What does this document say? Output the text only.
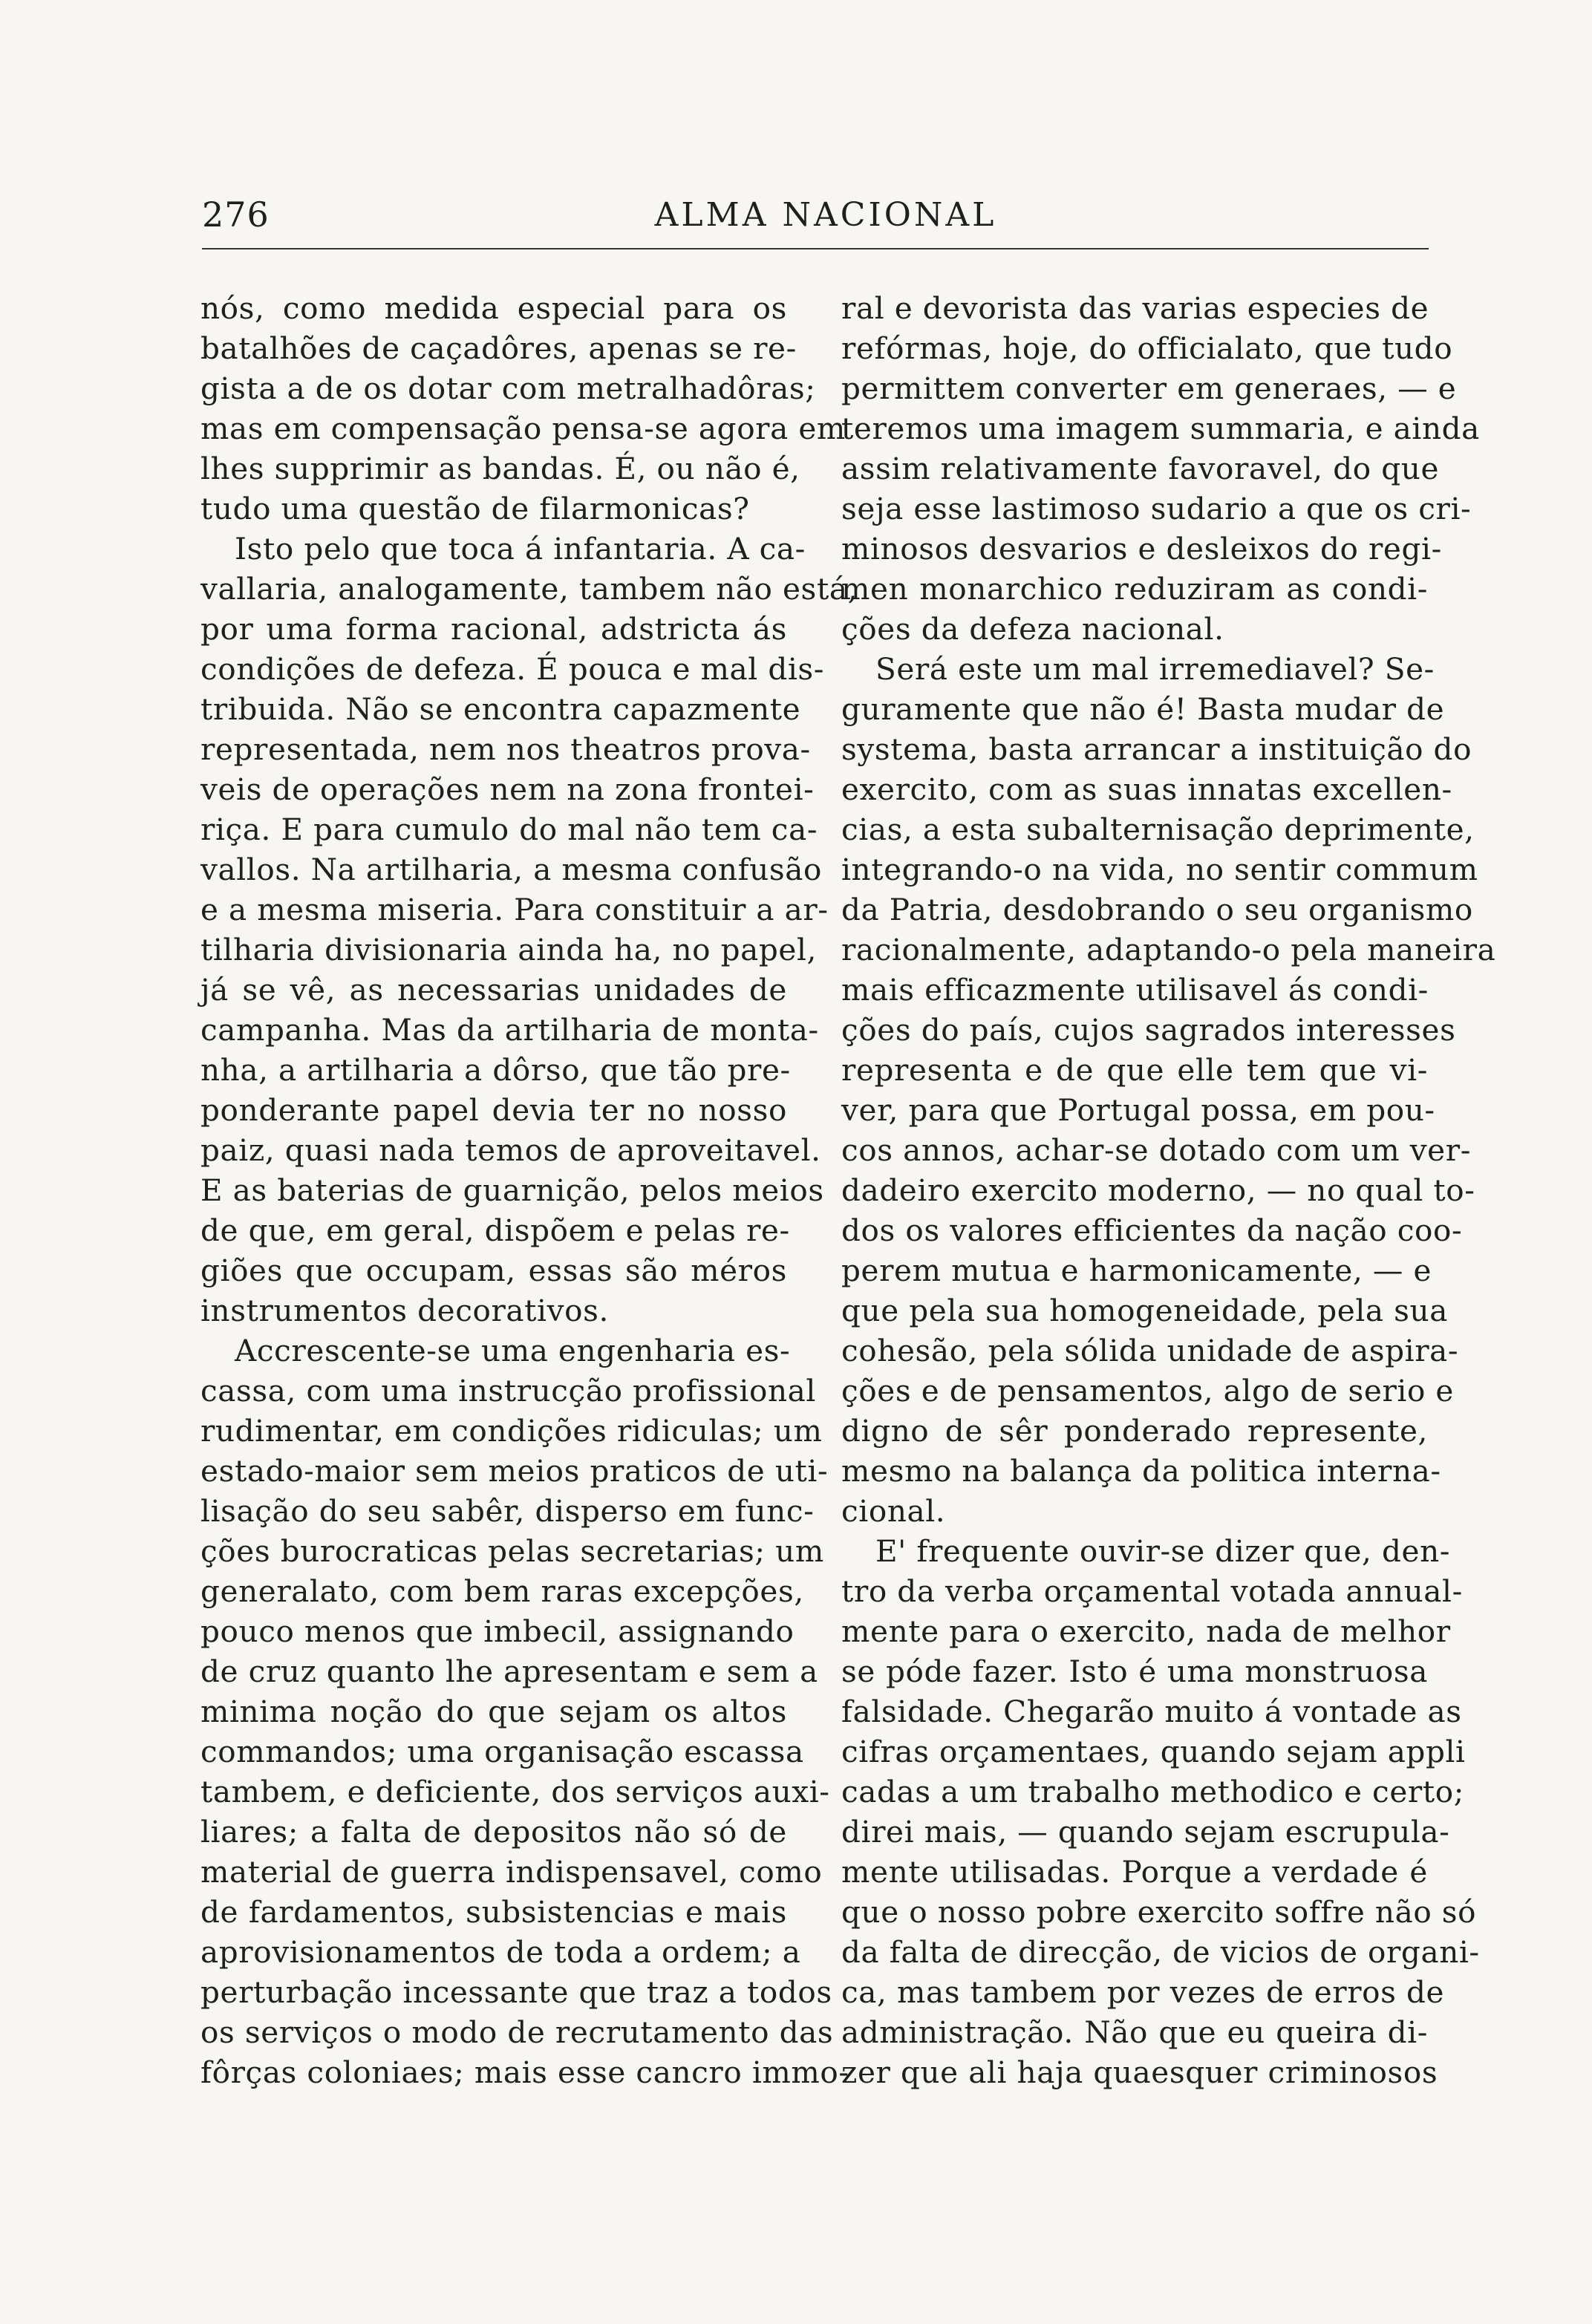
276	ALMA NACIONAL

nós, como medida especial para os
batalhões de caçadôres, apenas se re-
gista a de os dotar com metralhadôras;
mas em compensação pensa-se agora em
lhes supprimir as bandas. É, ou não é,
tudo uma questão de filarmonicas?

Isto pelo que toca á infantaria. A ca-
vallaria, analogamente, tambem não está,
por uma forma racional, adstricta ás
condições de defeza. É pouca e mal dis-
tribuida. Não se encontra capazmente
representada, nem nos theatros prova-
veis de operações nem na zona frontei-
riça. E para cumulo do mal não tem ca-
vallos. Na artilharia, a mesma confusão
e a mesma miseria. Para constituir a ar-
tilharia divisionaria ainda ha, no papel,
já se vê, as necessarias unidades de
campanha. Mas da artilharia de monta-
nha, a artilharia a dôrso, que tão pre-
ponderante papel devia ter no nosso
paiz, quasi nada temos de aproveitavel.
E as baterias de guarnição, pelos meios
de que, em geral, dispõem e pelas re-
giões que occupam, essas são méros
instrumentos decorativos.

Accrescente-se uma engenharia es-
cassa, com uma instrucção profissional
rudimentar, em condições ridiculas; um
estado-maior sem meios praticos de uti-
lisação do seu sabêr, disperso em func-
ções burocraticas pelas secretarias; um
generalato, com bem raras excepções,
pouco menos que imbecil, assignando
de cruz quanto lhe apresentam e sem a
minima noção do que sejam os altos
commandos; uma organisação escassa
tambem, e deficiente, dos serviços auxi-
liares; a falta de depositos não só de
material de guerra indispensavel, como
de fardamentos, subsistencias e mais
aprovisionamentos de toda a ordem; a
perturbação incessante que traz a todos
os serviços o modo de recrutamento das
fôrças coloniaes; mais esse cancro immo-

ral e devorista das varias especies de
refórmas, hoje, do officialato, que tudo
permittem converter em generaes, — e
teremos uma imagem summaria, e ainda
assim relativamente favoravel, do que
seja esse lastimoso sudario a que os cri-
minosos desvarios e desleixos do regi-
men monarchico reduziram as condi-
ções da defeza nacional.

Será este um mal irremediavel? Se-
guramente que não é! Basta mudar de
systema, basta arrancar a instituição do
exercito, com as suas innatas excellen-
cias, a esta subalternisação deprimente,
integrando-o na vida, no sentir commum
da Patria, desdobrando o seu organismo
racionalmente, adaptando-o pela maneira
mais efficazmente utilisavel ás condi-
ções do país, cujos sagrados interesses
representa e de que elle tem que vi-
ver, para que Portugal possa, em pou-
cos annos, achar-se dotado com um ver-
dadeiro exercito moderno, — no qual to-
dos os valores efficientes da nação coo-
perem mutua e harmonicamente, — e
que pela sua homogeneidade, pela sua
cohesão, pela sólida unidade de aspira-
ções e de pensamentos, algo de serio e
digno de sêr ponderado represente,
mesmo na balança da politica interna-
cional.

E' frequente ouvir-se dizer que, den-
tro da verba orçamental votada annual-
mente para o exercito, nada de melhor
se póde fazer. Isto é uma monstruosa
falsidade. Chegarão muito á vontade as
cifras orçamentaes, quando sejam appli
cadas a um trabalho methodico e certo;
direi mais, — quando sejam escrupula-
mente utilisadas. Porque a verdade é
que o nosso pobre exercito soffre não só
da falta de direcção, de vicios de organi-
ca, mas tambem por vezes de erros de
administração. Não que eu queira di-
zer que ali haja quaesquer criminosos
